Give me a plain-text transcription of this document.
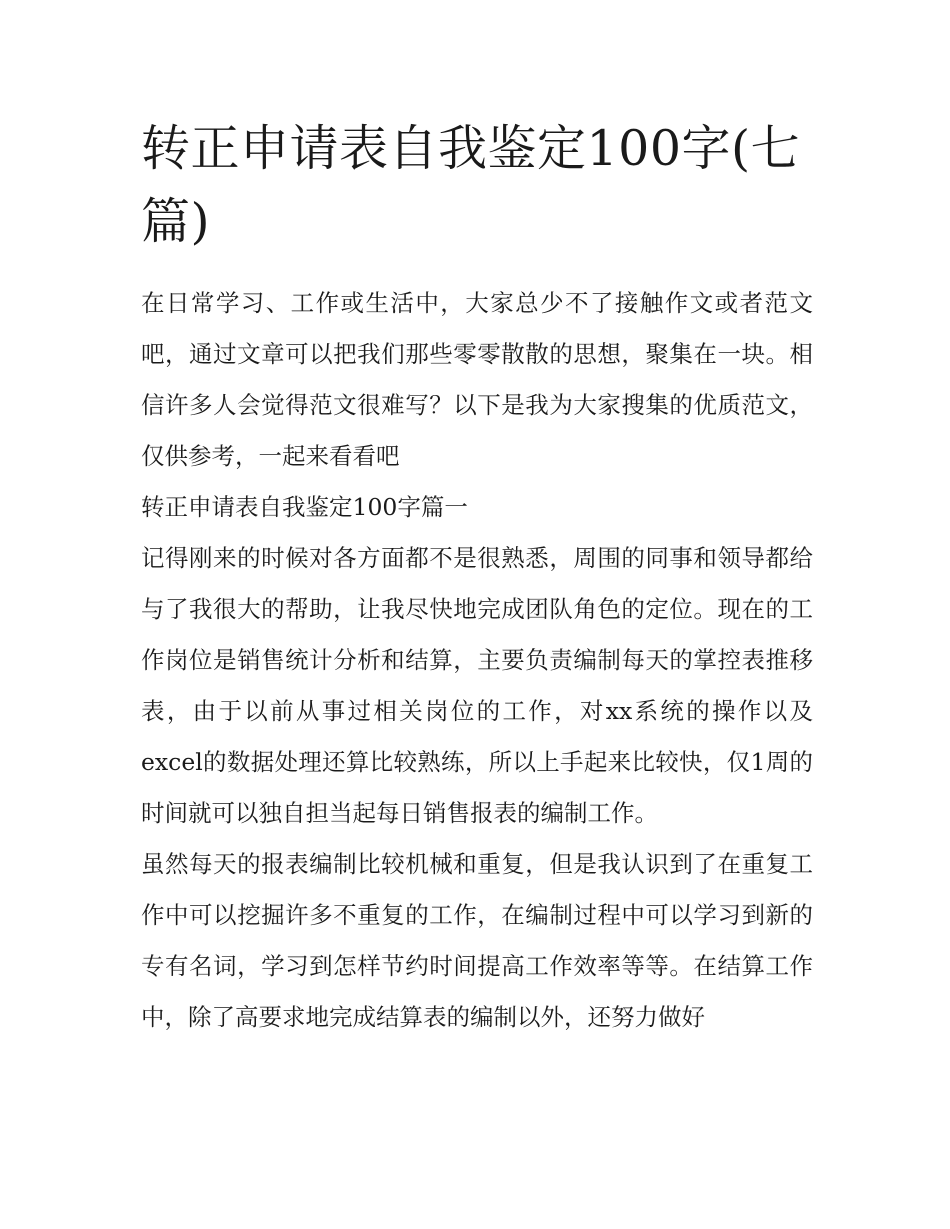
转正申请表自我鉴定100字(七篇)

在日常学习、工作或生活中，大家总少不了接触作文或者范文吧，通过文章可以把我们那些零零散散的思想，聚集在一块。相信许多人会觉得范文很难写？以下是我为大家搜集的优质范文，仅供参考，一起来看看吧

转正申请表自我鉴定100字篇一

记得刚来的时候对各方面都不是很熟悉，周围的同事和领导都给与了我很大的帮助，让我尽快地完成团队角色的定位。现在的工作岗位是销售统计分析和结算，主要负责编制每天的掌控表推移表，由于以前从事过相关岗位的工作，对xx系统的操作以及excel的数据处理还算比较熟练，所以上手起来比较快，仅1周的时间就可以独自担当起每日销售报表的编制工作。

虽然每天的报表编制比较机械和重复，但是我认识到了在重复工作中可以挖掘许多不重复的工作，在编制过程中可以学习到新的专有名词，学习到怎样节约时间提高工作效率等等。在结算工作中，除了高要求地完成结算表的编制以外，还努力做好
